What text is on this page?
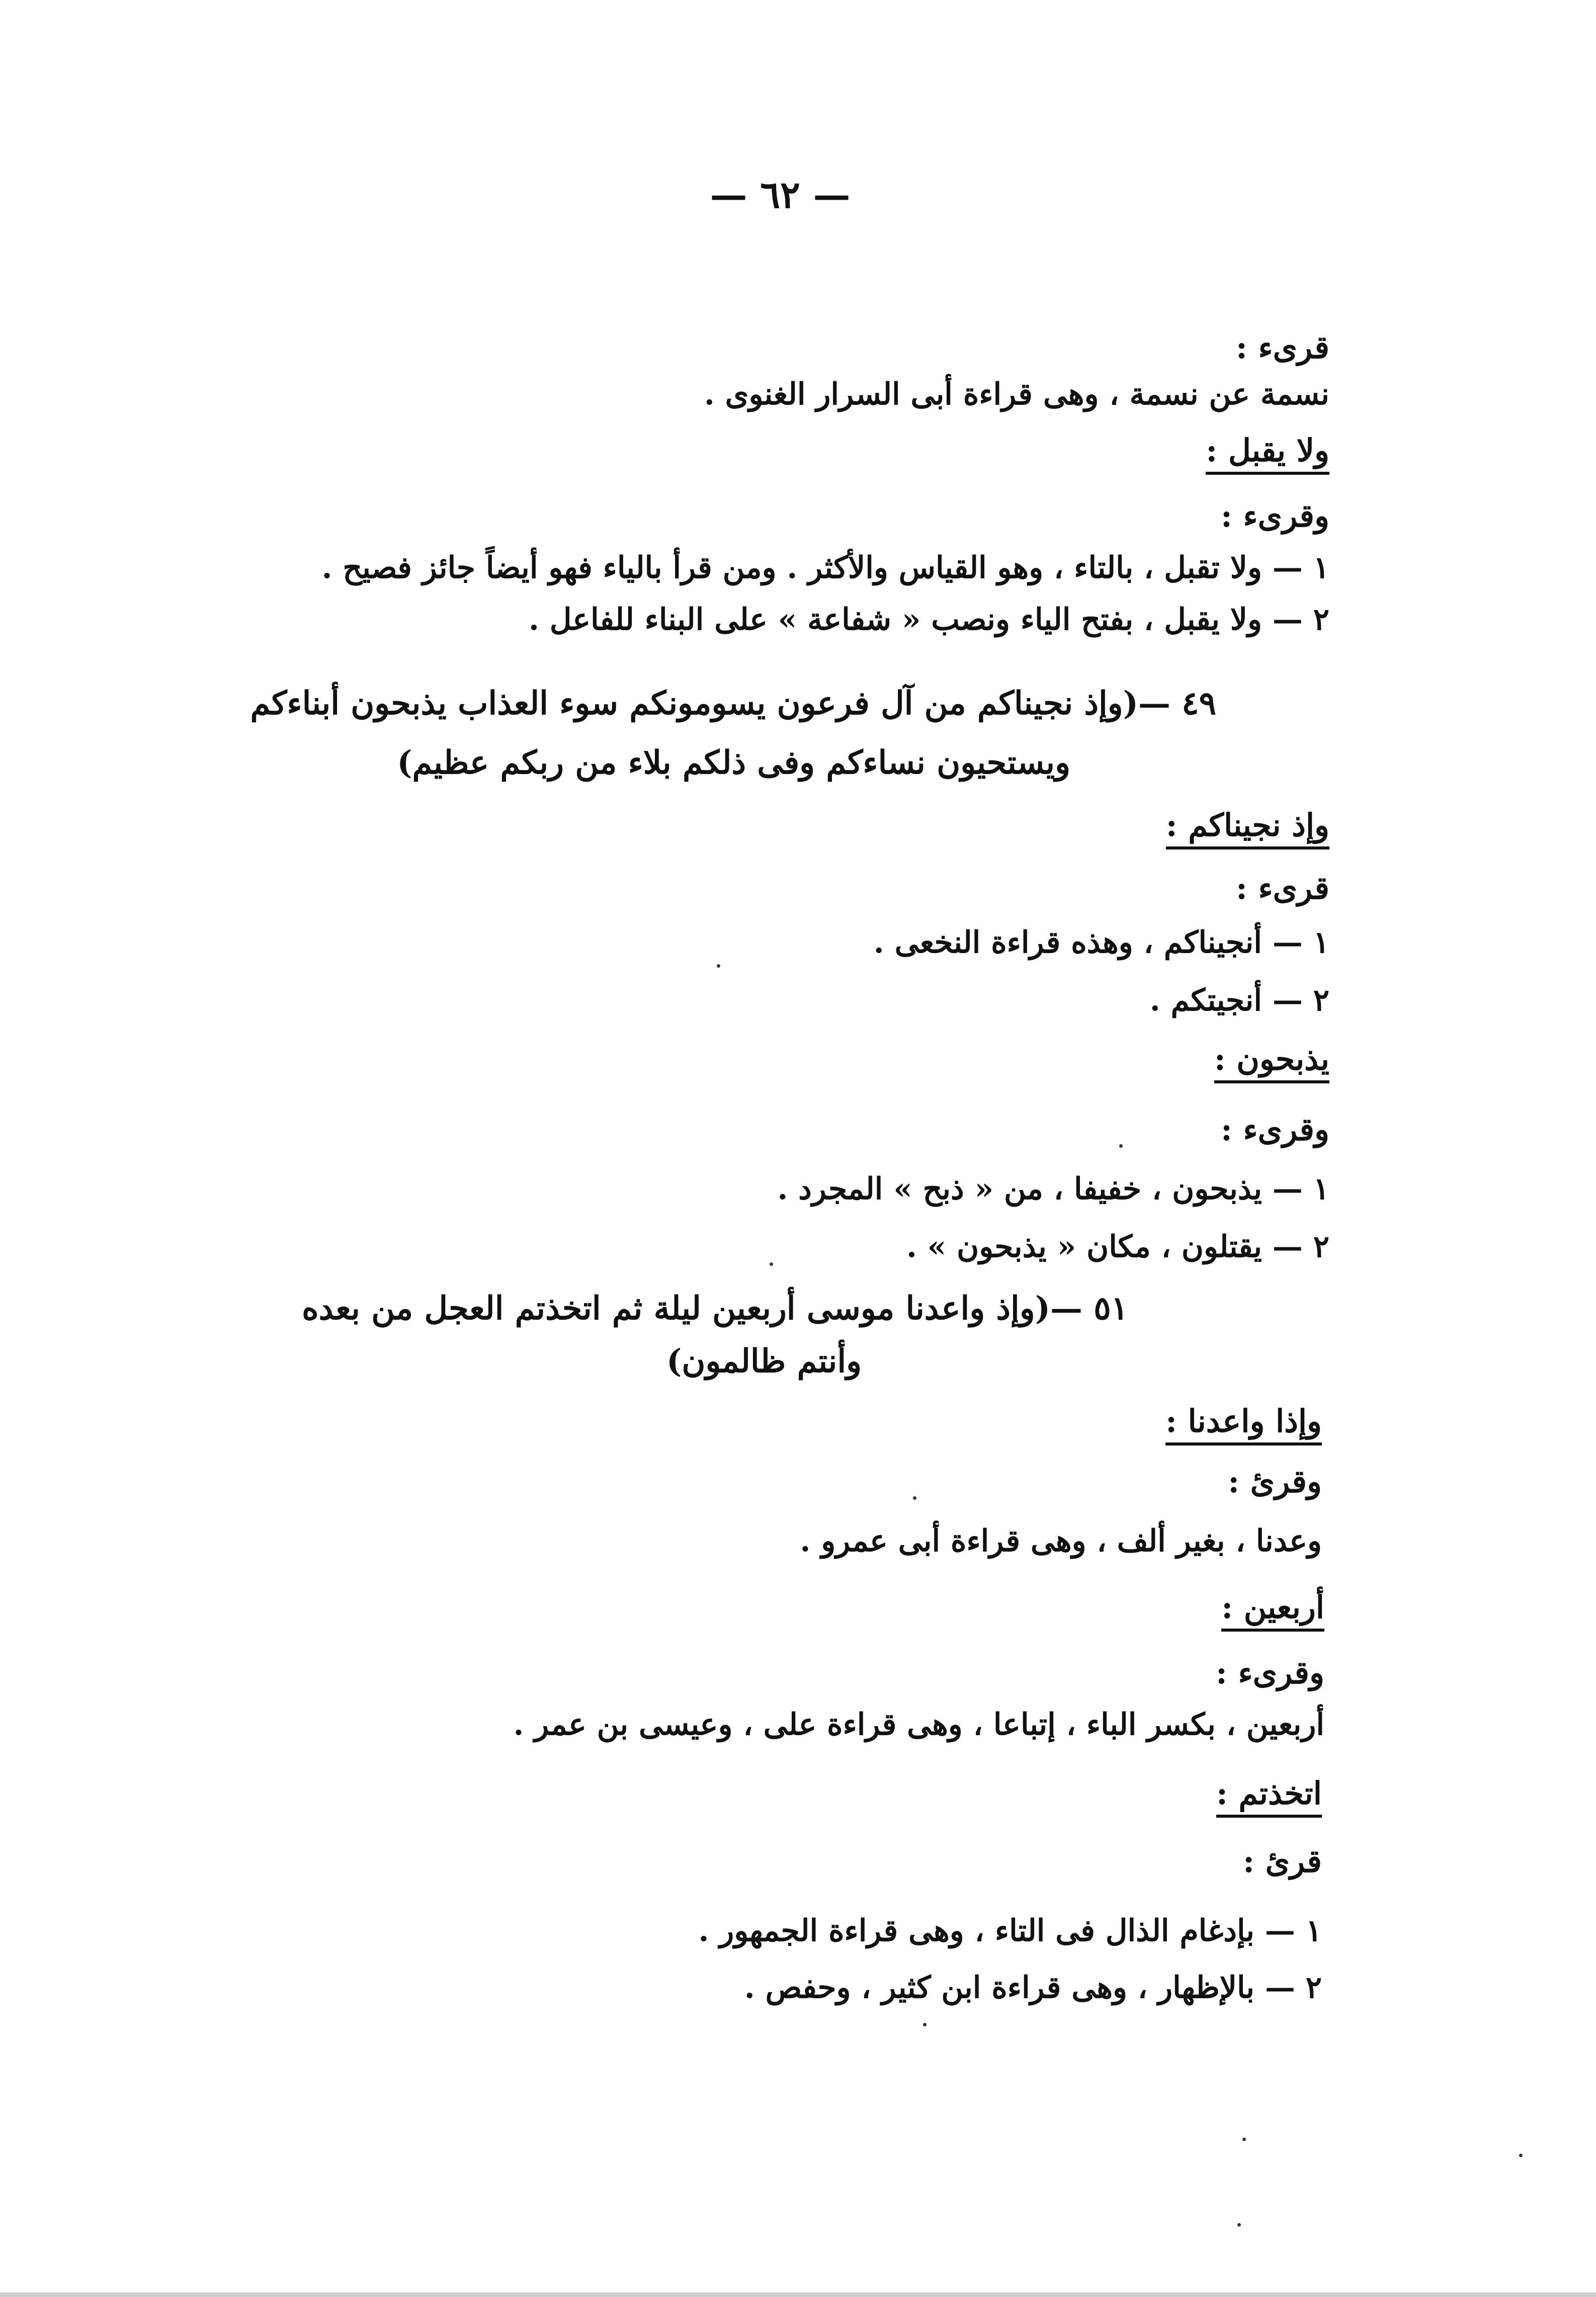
— ٦٢ —
قرىء :
نسمة عن نسمة ، وهى قراءة أبى السرار الغنوى .
ولا يقبل :
وقرىء :
١ — ولا تقبل ، بالتاء ، وهو القياس والأكثر . ومن قرأ بالياء فهو أيضاً جائز فصيح .
٢ — ولا يقبل ، بفتح الياء ونصب « شفاعة » على البناء للفاعل .
٤٩ —(وإذ نجيناكم من آل فرعون يسومونكم سوء العذاب يذبحون أبناءكم
ويستحيون نساءكم وفى ذلكم بلاء من ربكم عظيم)
وإذ نجيناكم :
قرىء :
١ — أنجيناكم ، وهذه قراءة النخعى .
٢ — أنجيتكم .
يذبحون :
وقرىء :
١ — يذبحون ، خفيفا ، من « ذبح » المجرد .
٢ — يقتلون ، مكان « يذبحون » .
٥١ —(وإذ واعدنا موسى أربعين ليلة ثم اتخذتم العجل من بعده
وأنتم ظالمون)
وإذا واعدنا :
وقرئ :
وعدنا ، بغير ألف ، وهى قراءة أبى عمرو .
أربعين :
وقرىء :
أربعين ، بكسر الباء ، إتباعا ، وهى قراءة على ، وعيسى بن عمر .
اتخذتم :
قرئ :
١ — بإدغام الذال فى التاء ، وهى قراءة الجمهور .
٢ — بالإظهار ، وهى قراءة ابن كثير ، وحفص .
